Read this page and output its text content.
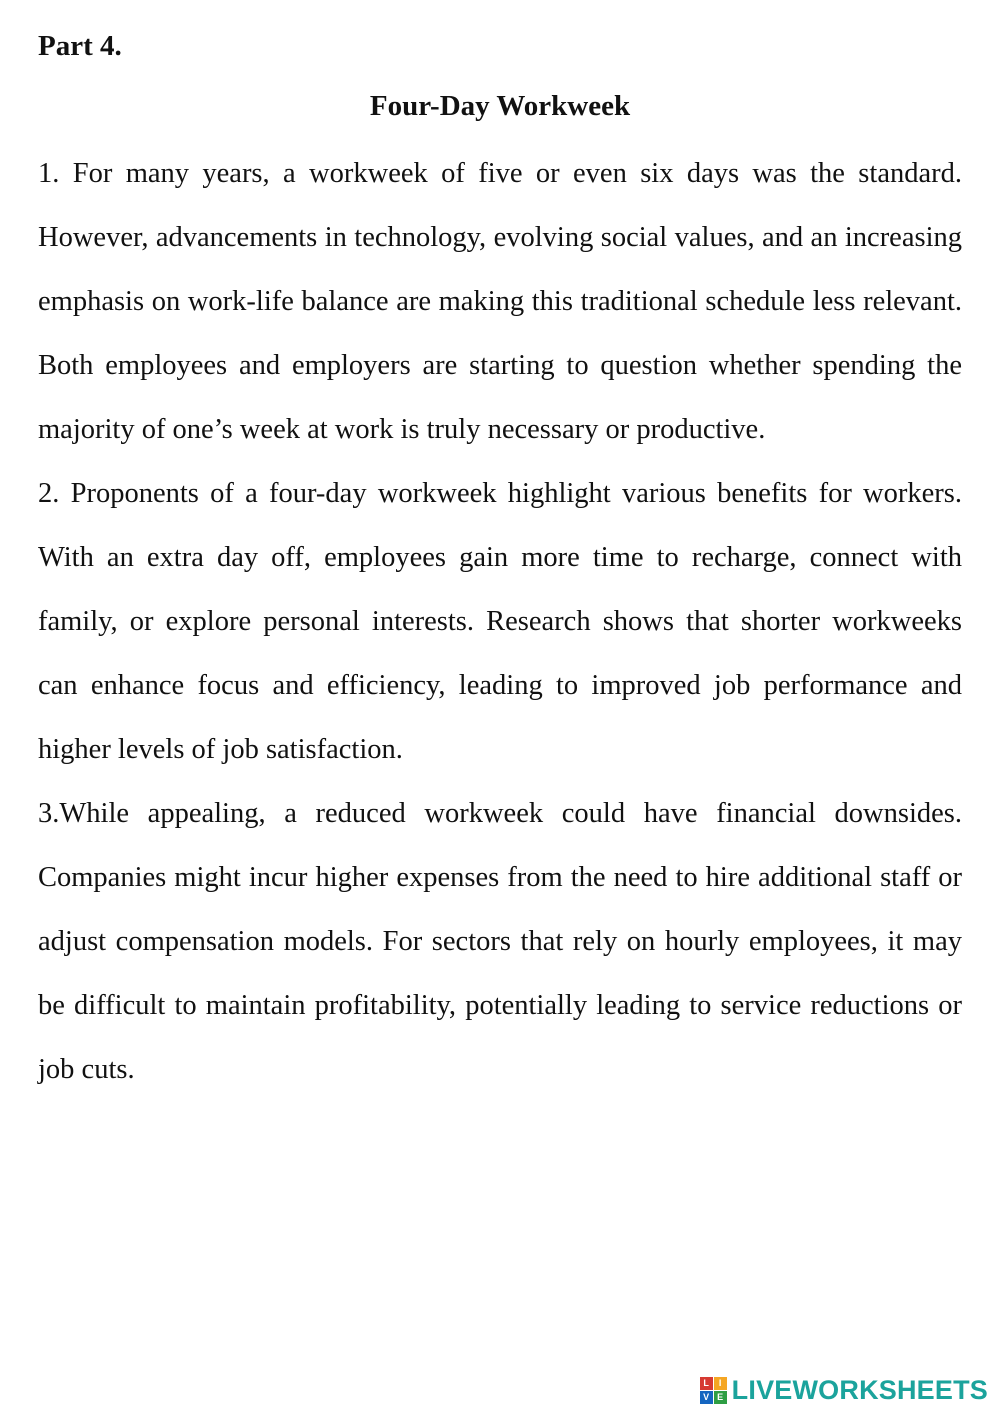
Part 4.
Four-Day Workweek

1. For many years, a workweek of five or even six days was the standard. However, advancements in technology, evolving social values, and an increasing emphasis on work-life balance are making this traditional schedule less relevant. Both employees and employers are starting to question whether spending the majority of one’s week at work is truly necessary or productive.

2. Proponents of a four-day workweek highlight various benefits for workers. With an extra day off, employees gain more time to recharge, connect with family, or explore personal interests. Research shows that shorter workweeks can enhance focus and efficiency, leading to improved job performance and higher levels of job satisfaction.

3.While appealing, a reduced workweek could have financial downsides. Companies might incur higher expenses from the need to hire additional staff or adjust compensation models. For sectors that rely on hourly employees, it may be difficult to maintain profitability, potentially leading to service reductions or job cuts.

L	I
V E LIVEWORKSHEETS
